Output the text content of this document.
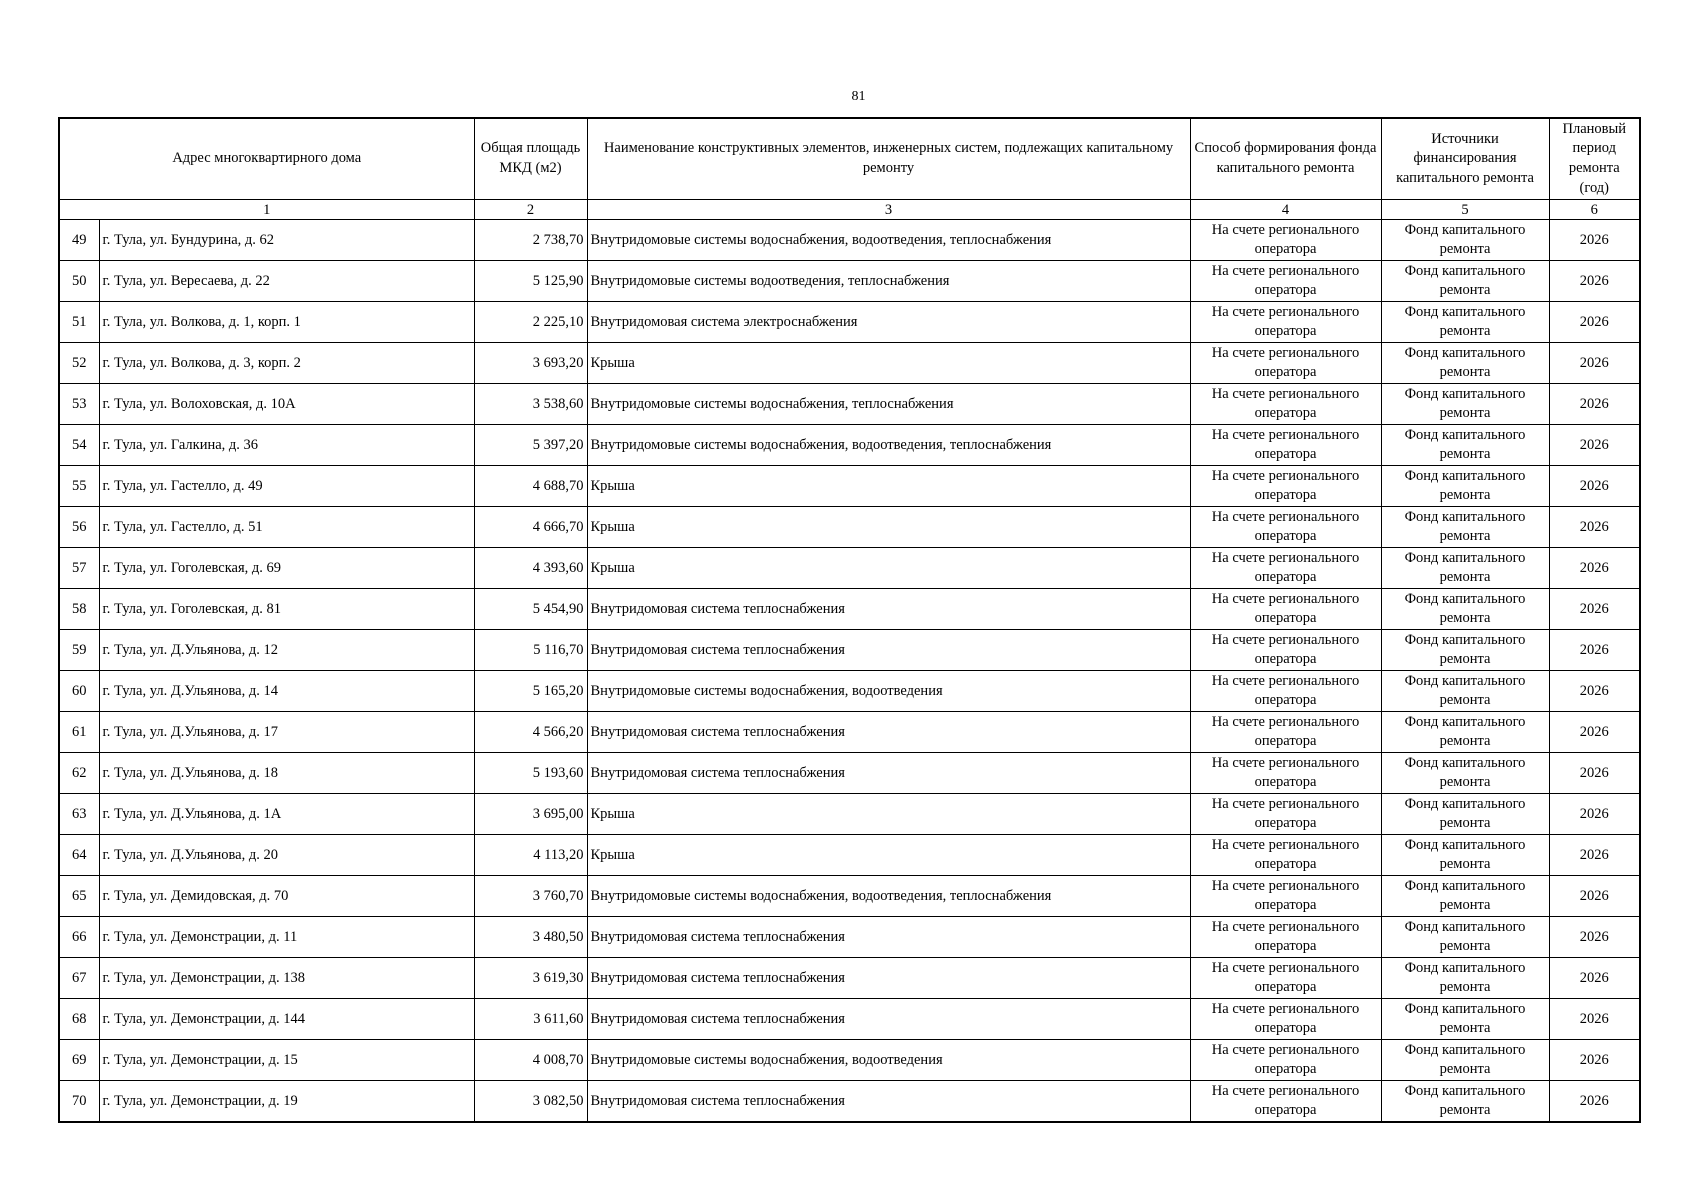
81
Адрес многоквартирного дома		Общая площадь МКД (м2)	Наименование конструктивных элементов, инженерных систем, подлежащих капитальному ремонту	Способ формирования фонда капитального ремонта	Источники финансирования капитального ремонта	Плановый период ремонта (год)
1		2	3	4	5	6
49	г. Тула, ул. Бундурина, д. 62	2 738,70	Внутридомовые системы водоснабжения, водоотведения, теплоснабжения	На счете регионального оператора	Фонд капитального ремонта	2026
50	г. Тула, ул. Вересаева, д. 22	5 125,90	Внутридомовые системы водоотведения, теплоснабжения	На счете регионального оператора	Фонд капитального ремонта	2026
51	г. Тула, ул. Волкова, д. 1, корп. 1	2 225,10	Внутридомовая система электроснабжения	На счете регионального оператора	Фонд капитального ремонта	2026
52	г. Тула, ул. Волкова, д. 3, корп. 2	3 693,20	Крыша	На счете регионального оператора	Фонд капитального ремонта	2026
53	г. Тула, ул. Волоховская, д. 10А	3 538,60	Внутридомовые системы водоснабжения, теплоснабжения	На счете регионального оператора	Фонд капитального ремонта	2026
54	г. Тула, ул. Галкина, д. 36	5 397,20	Внутридомовые системы водоснабжения, водоотведения, теплоснабжения	На счете регионального оператора	Фонд капитального ремонта	2026
55	г. Тула, ул. Гастелло, д. 49	4 688,70	Крыша	На счете регионального оператора	Фонд капитального ремонта	2026
56	г. Тула, ул. Гастелло, д. 51	4 666,70	Крыша	На счете регионального оператора	Фонд капитального ремонта	2026
57	г. Тула, ул. Гоголевская, д. 69	4 393,60	Крыша	На счете регионального оператора	Фонд капитального ремонта	2026
58	г. Тула, ул. Гоголевская, д. 81	5 454,90	Внутридомовая система теплоснабжения	На счете регионального оператора	Фонд капитального ремонта	2026
59	г. Тула, ул. Д.Ульянова, д. 12	5 116,70	Внутридомовая система теплоснабжения	На счете регионального оператора	Фонд капитального ремонта	2026
60	г. Тула, ул. Д.Ульянова, д. 14	5 165,20	Внутридомовые системы водоснабжения, водоотведения	На счете регионального оператора	Фонд капитального ремонта	2026
61	г. Тула, ул. Д.Ульянова, д. 17	4 566,20	Внутридомовая система теплоснабжения	На счете регионального оператора	Фонд капитального ремонта	2026
62	г. Тула, ул. Д.Ульянова, д. 18	5 193,60	Внутридомовая система теплоснабжения	На счете регионального оператора	Фонд капитального ремонта	2026
63	г. Тула, ул. Д.Ульянова, д. 1А	3 695,00	Крыша	На счете регионального оператора	Фонд капитального ремонта	2026
64	г. Тула, ул. Д.Ульянова, д. 20	4 113,20	Крыша	На счете регионального оператора	Фонд капитального ремонта	2026
65	г. Тула, ул. Демидовская, д. 70	3 760,70	Внутридомовые системы водоснабжения, водоотведения, теплоснабжения	На счете регионального оператора	Фонд капитального ремонта	2026
66	г. Тула, ул. Демонстрации, д. 11	3 480,50	Внутридомовая система теплоснабжения	На счете регионального оператора	Фонд капитального ремонта	2026
67	г. Тула, ул. Демонстрации, д. 138	3 619,30	Внутридомовая система теплоснабжения	На счете регионального оператора	Фонд капитального ремонта	2026
68	г. Тула, ул. Демонстрации, д. 144	3 611,60	Внутридомовая система теплоснабжения	На счете регионального оператора	Фонд капитального ремонта	2026
69	г. Тула, ул. Демонстрации, д. 15	4 008,70	Внутридомовые системы водоснабжения, водоотведения	На счете регионального оператора	Фонд капитального ремонта	2026
70	г. Тула, ул. Демонстрации, д. 19	3 082,50	Внутридомовая система теплоснабжения	На счете регионального оператора	Фонд капитального ремонта	2026
